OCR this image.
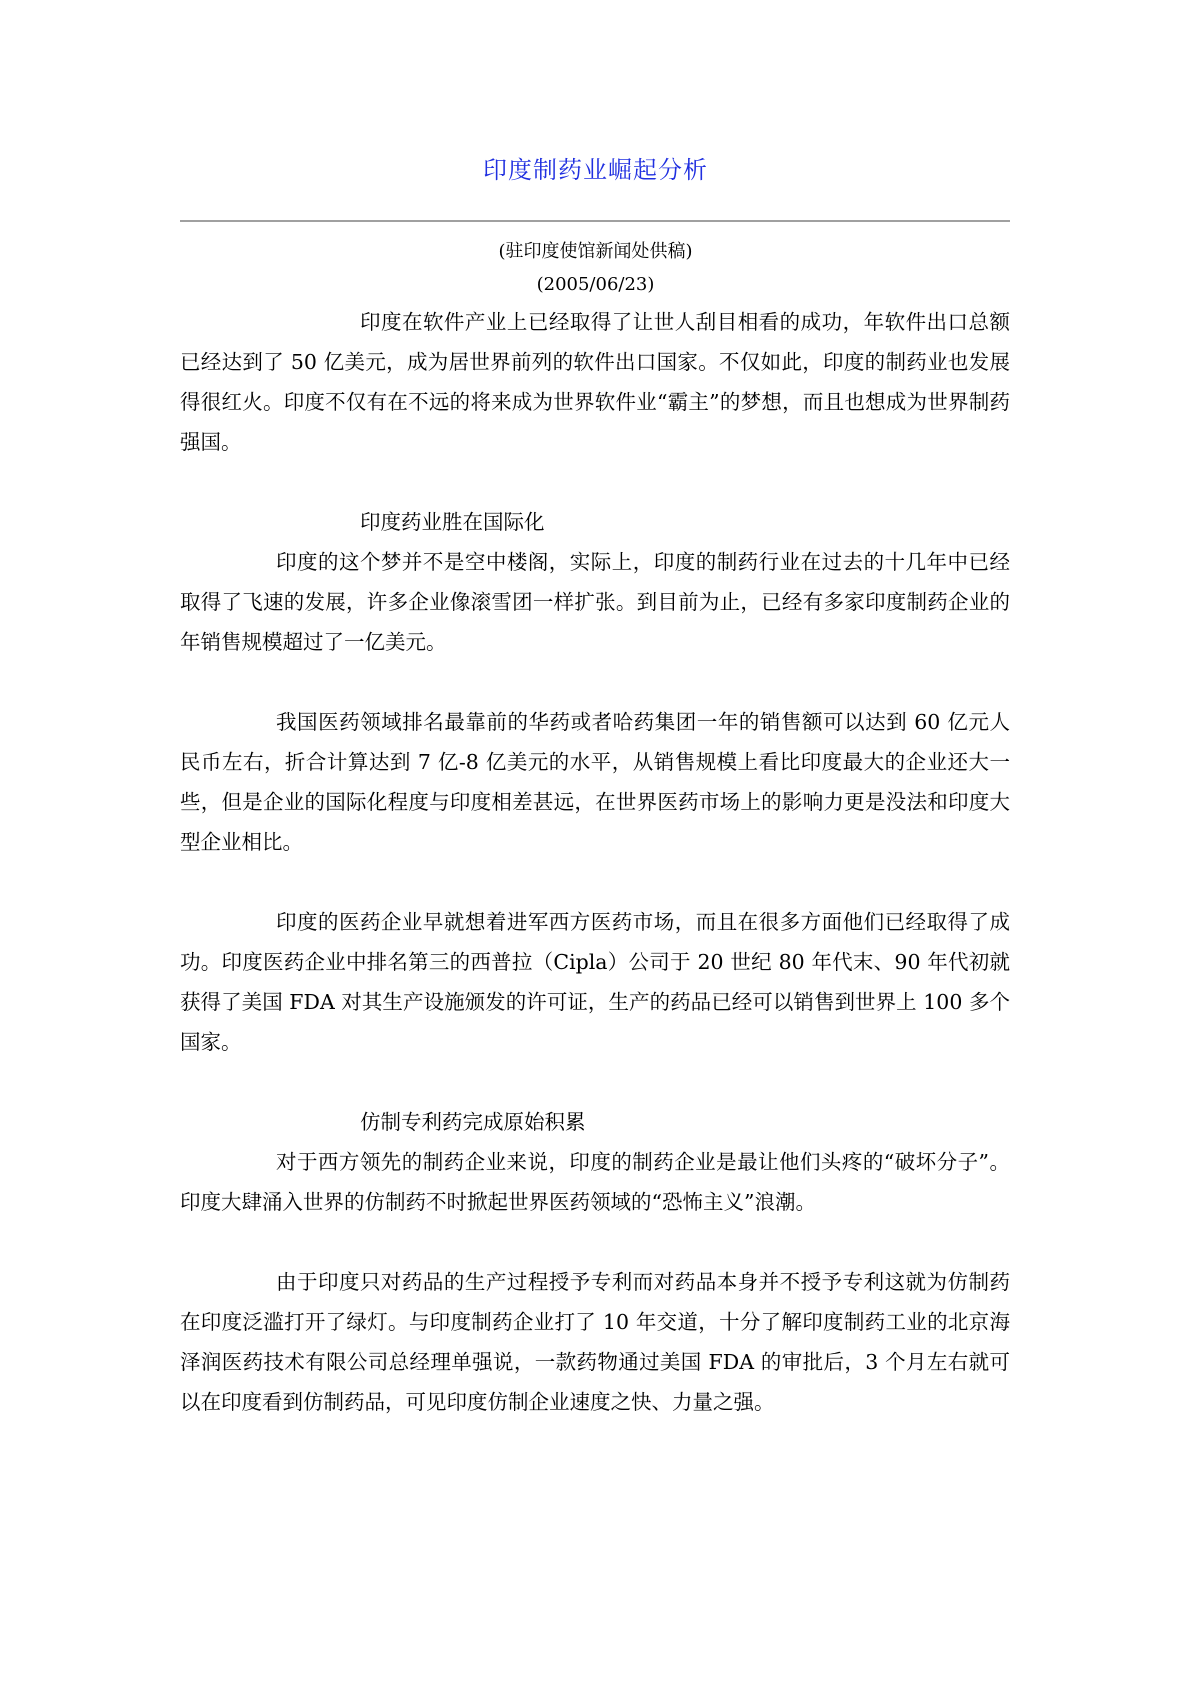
印度制药业崛起分析
(驻印度使馆新闻处供稿)
(2005/06/23)

印度在软件产业上已经取得了让世人刮目相看的成功，年软件出口总额已经达到了 50 亿美元，成为居世界前列的软件出口国家。不仅如此，印度的制药业也发展得很红火。印度不仅有在不远的将来成为世界软件业“霸主”的梦想，而且也想成为世界制药强国。

印度药业胜在国际化

印度的这个梦并不是空中楼阁，实际上，印度的制药行业在过去的十几年中已经取得了飞速的发展，许多企业像滚雪团一样扩张。到目前为止，已经有多家印度制药企业的年销售规模超过了一亿美元。

我国医药领域排名最靠前的华药或者哈药集团一年的销售额可以达到 60 亿元人民币左右，折合计算达到 7 亿-8 亿美元的水平，从销售规模上看比印度最大的企业还大一些，但是企业的国际化程度与印度相差甚远，在世界医药市场上的影响力更是没法和印度大型企业相比。

印度的医药企业早就想着进军西方医药市场，而且在很多方面他们已经取得了成功。印度医药企业中排名第三的西普拉（Cipla）公司于 20 世纪 80 年代末、90 年代初就获得了美国 FDA 对其生产设施颁发的许可证，生产的药品已经可以销售到世界上 100 多个国家。

仿制专利药完成原始积累

对于西方领先的制药企业来说，印度的制药企业是最让他们头疼的“破坏分子”。印度大肆涌入世界的仿制药不时掀起世界医药领域的“恐怖主义”浪潮。

由于印度只对药品的生产过程授予专利而对药品本身并不授予专利这就为仿制药在印度泛滥打开了绿灯。与印度制药企业打了 10 年交道，十分了解印度制药工业的北京海泽润医药技术有限公司总经理单强说，一款药物通过美国 FDA 的审批后，3 个月左右就可以在印度看到仿制药品，可见印度仿制企业速度之快、力量之强。
